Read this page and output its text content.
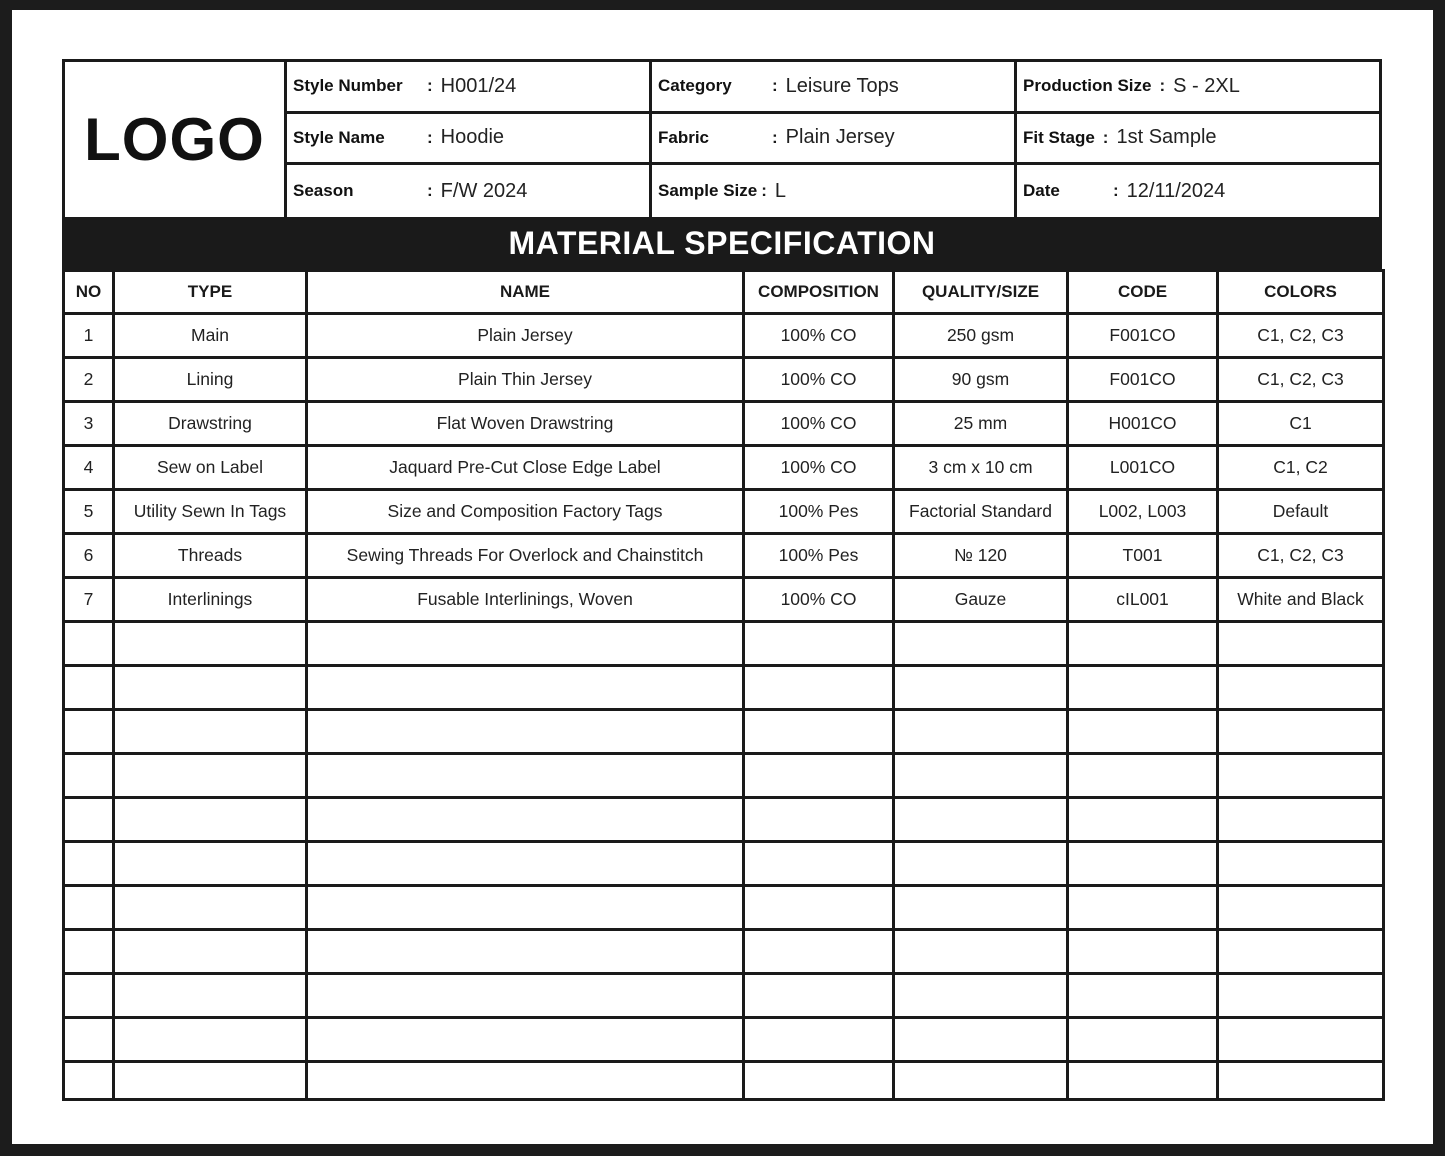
LOGO
Style Number	: H001/24	Category	: Leisure Tops	Production Size : S - 2XL
Style Name	: Hoodie	Fabric	: Plain Jersey	Fit Stage : 1st Sample
Season	: F/W 2024	Sample Size : L	Date	: 12/11/2024
MATERIAL SPECIFICATION
NO	TYPE	NAME	COMPOSITION	QUALITY/SIZE	CODE	COLORS
1	Main	Plain Jersey	100% CO	250 gsm	F001CO	C1, C2, C3
2	Lining	Plain Thin Jersey	100% CO	90 gsm	F001CO	C1, C2, C3
3	Drawstring	Flat Woven Drawstring	100% CO	25 mm	H001CO	C1
4	Sew on Label	Jaquard Pre-Cut Close Edge Label	100% CO	3 cm x 10 cm	L001CO	C1, C2
5	Utility Sewn In Tags	Size and Composition Factory Tags	100% Pes	Factorial Standard	L002, L003	Default
6	Threads	Sewing Threads For Overlock and Chainstitch	100% Pes	№ 120	T001	C1, C2, C3
7	Interlinings	Fusable Interlinings, Woven	100% CO	Gauze	cIL001	White and Black
